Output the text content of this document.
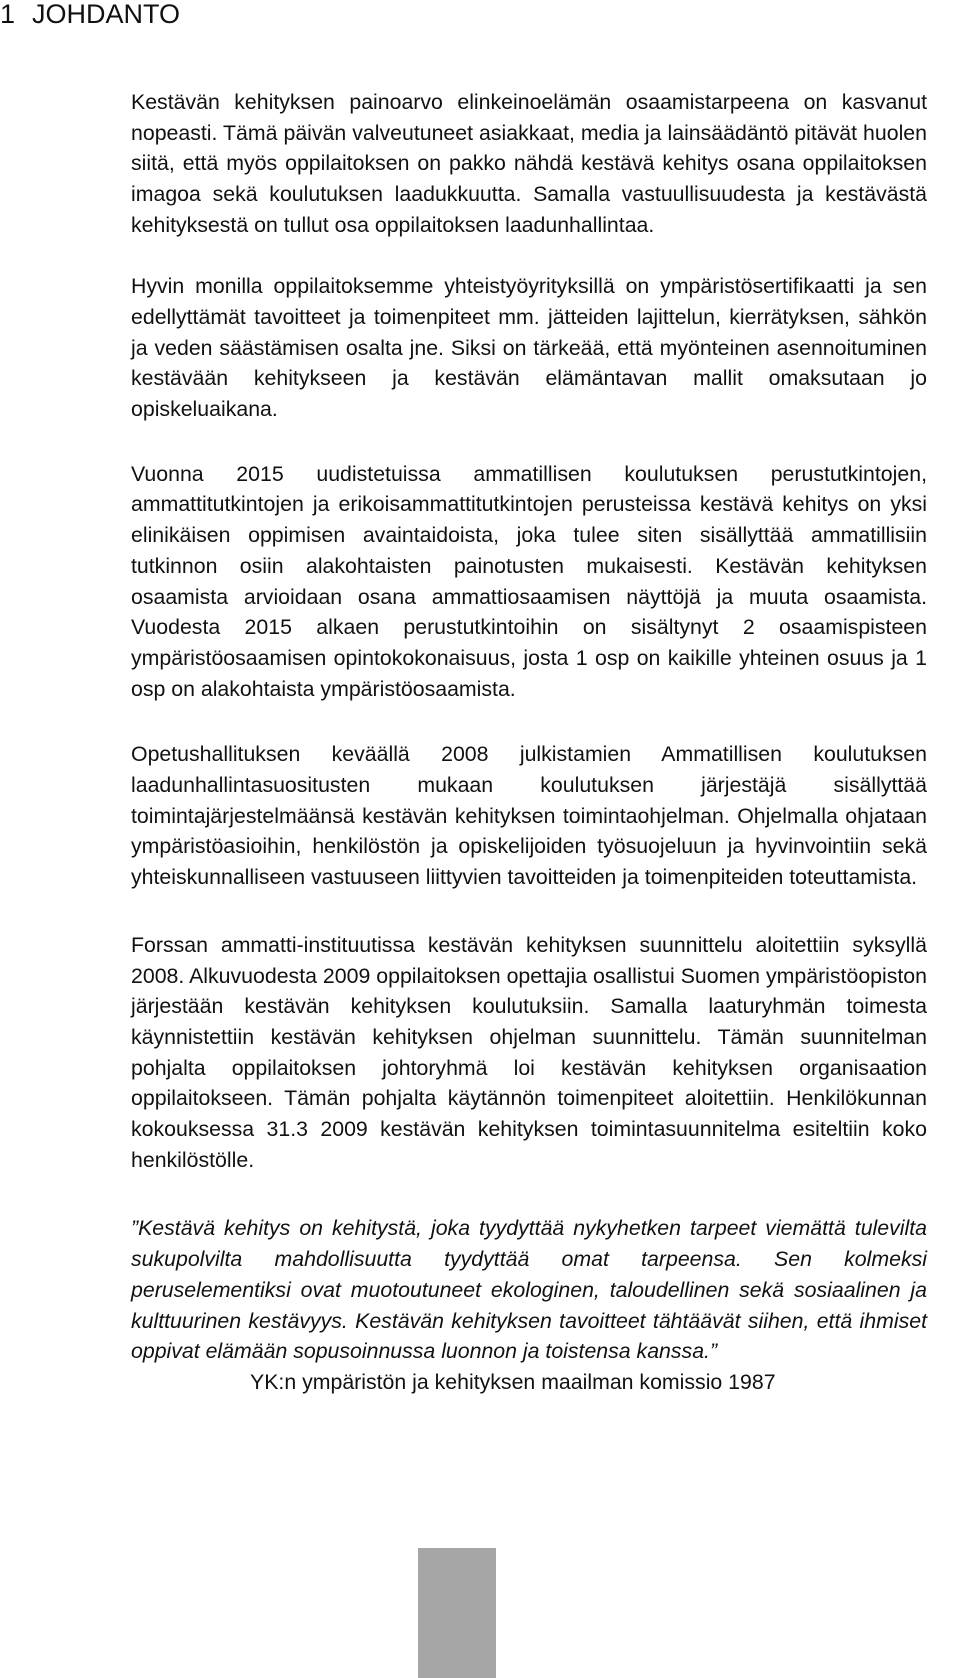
1 JOHDANTO

Kestävän kehityksen painoarvo elinkeinoelämän osaamistarpeena on kasvanut nopeasti. Tämä päivän valveutuneet asiakkaat, media ja lainsäädäntö pitävät huolen siitä, että myös oppilaitoksen on pakko nähdä kestävä kehitys osana oppilaitoksen imagoa sekä koulutuksen laadukkuutta. Samalla vastuullisuudesta ja kestävästä kehityksestä on tullut osa oppilaitoksen laadunhallintaa.

Hyvin monilla oppilaitoksemme yhteistyöyrityksillä on ympäristösertifikaatti ja sen edellyttämät tavoitteet ja toimenpiteet mm. jätteiden lajittelun, kierrätyksen, sähkön ja veden säästämisen osalta jne. Siksi on tärkeää, että myönteinen asennoituminen kestävään kehitykseen ja kestävän elämäntavan mallit omaksutaan jo opiskeluaikana.

Vuonna 2015 uudistetuissa ammatillisen koulutuksen perustutkintojen, ammattitutkintojen ja erikoisammattitutkintojen perusteissa kestävä kehitys on yksi elinikäisen oppimisen avaintaidoista, joka tulee siten sisällyttää ammatillisiin tutkinnon osiin alakohtaisten painotusten mukaisesti. Kestävän kehityksen osaamista arvioidaan osana ammattiosaamisen näyttöjä ja muuta osaamista. Vuodesta 2015 alkaen perustutkintoihin on sisältynyt 2 osaamispisteen ympäristöosaamisen opintokokonaisuus, josta 1 osp on kaikille yhteinen osuus ja 1 osp on alakohtaista ympäristöosaamista.

Opetushallituksen keväällä 2008 julkistamien Ammatillisen koulutuksen laadunhallintasuositusten mukaan koulutuksen järjestäjä sisällyttää toimintajärjestelmäänsä kestävän kehityksen toimintaohjelman. Ohjelmalla ohjataan ympäristöasioihin, henkilöstön ja opiskelijoiden työsuojeluun ja hyvinvointiin sekä yhteiskunnalliseen vastuuseen liittyvien tavoitteiden ja toimenpiteiden toteuttamista.

Forssan ammatti-instituutissa kestävän kehityksen suunnittelu aloitettiin syksyllä 2008. Alkuvuodesta 2009 oppilaitoksen opettajia osallistui Suomen ympäristöopiston järjestään kestävän kehityksen koulutuksiin. Samalla laaturyhmän toimesta käynnistettiin kestävän kehityksen ohjelman suunnittelu. Tämän suunnitelman pohjalta oppilaitoksen johtoryhmä loi kestävän kehityksen organisaation oppilaitokseen. Tämän pohjalta käytännön toimenpiteet aloitettiin. Henkilökunnan kokouksessa 31.3 2009 kestävän kehityksen toimintasuunnitelma esiteltiin koko henkilöstölle.

”Kestävä kehitys on kehitystä, joka tyydyttää nykyhetken tarpeet viemättä tulevilta sukupolvilta mahdollisuutta tyydyttää omat tarpeensa. Sen kolmeksi peruselementiksi ovat muotoutuneet ekologinen, taloudellinen sekä sosiaalinen ja kulttuurinen kestävyys. Kestävän kehityksen tavoitteet tähtäävät siihen, että ihmiset oppivat elämään sopusoinnussa luonnon ja toistensa kanssa.”

YK:n ympäristön ja kehityksen maailman komissio 1987
